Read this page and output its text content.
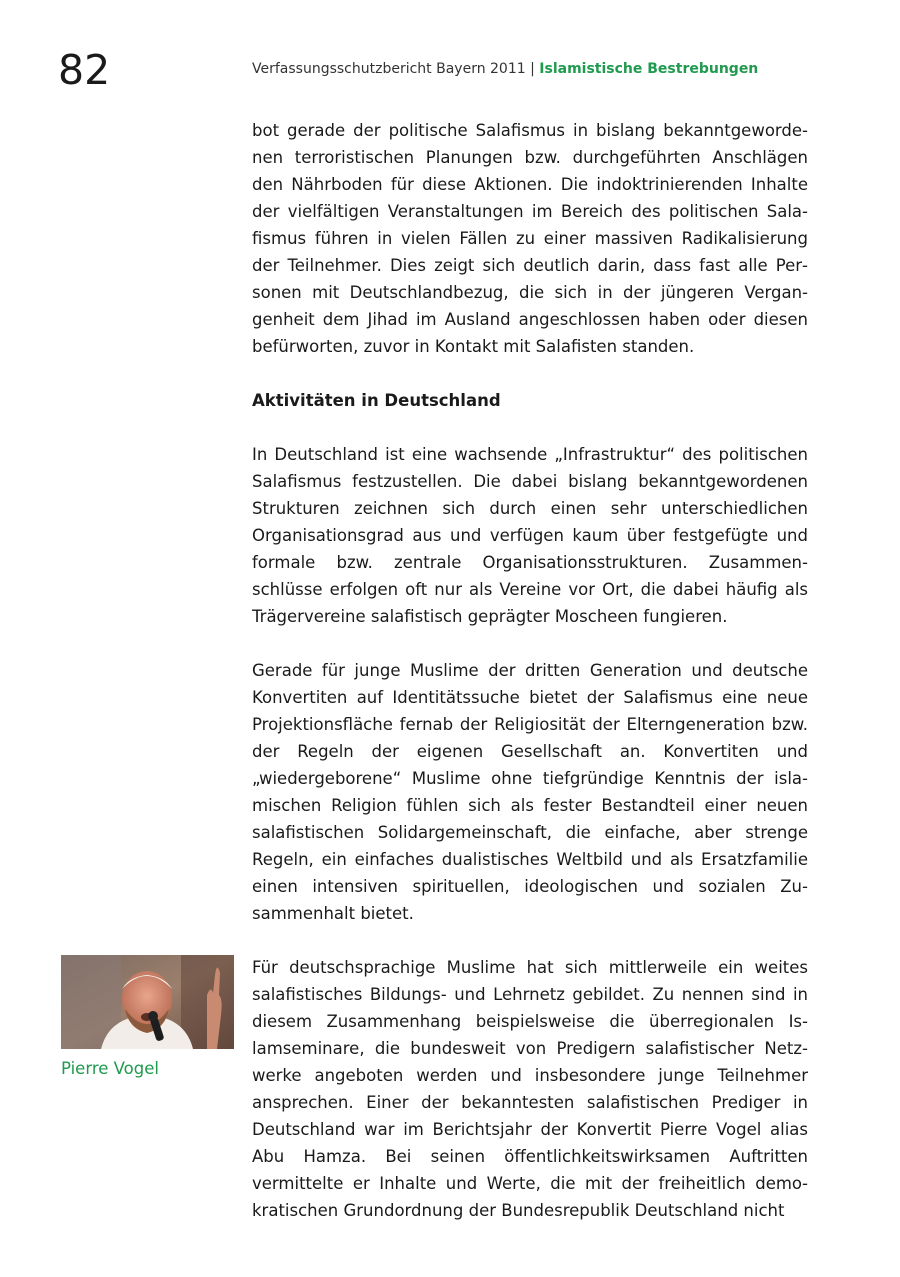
82	Verfassungsschutzbericht Bayern 2011 | Islamistische Bestrebungen

bot gerade der politische Salafismus in bislang bekanntgewordenen terroristischen Planungen bzw. durchgeführten Anschlägen den Nährboden für diese Aktionen. Die indoktrinierenden Inhalte der vielfältigen Veranstaltungen im Bereich des politischen Salafismus führen in vielen Fällen zu einer massiven Radikalisierung der Teilnehmer. Dies zeigt sich deutlich darin, dass fast alle Personen mit Deutschlandbezug, die sich in der jüngeren Vergangenheit dem Jihad im Ausland angeschlossen haben oder diesen befürworten, zuvor in Kontakt mit Salafisten standen.

Aktivitäten in Deutschland

In Deutschland ist eine wachsende „Infrastruktur“ des politischen Salafismus festzustellen. Die dabei bislang bekanntgewordenen Strukturen zeichnen sich durch einen sehr unterschiedlichen Organisationsgrad aus und verfügen kaum über festgefügte und formale bzw. zentrale Organisationsstrukturen. Zusammenschlüsse erfolgen oft nur als Vereine vor Ort, die dabei häufig als Trägervereine salafistisch geprägter Moscheen fungieren.

Gerade für junge Muslime der dritten Generation und deutsche Konvertiten auf Identitätssuche bietet der Salafismus eine neue Projektionsfläche fernab der Religiosität der Elterngeneration bzw. der Regeln der eigenen Gesellschaft an. Konvertiten und „wiedergeborene“ Muslime ohne tiefgründige Kenntnis der islamischen Religion fühlen sich als fester Bestandteil einer neuen salafistischen Solidargemeinschaft, die einfache, aber strenge Regeln, ein einfaches dualistisches Weltbild und als Ersatzfamilie einen intensiven spirituellen, ideologischen und sozialen Zusammenhalt bietet.

Für deutschsprachige Muslime hat sich mittlerweile ein weites salafistisches Bildungs- und Lehrnetz gebildet. Zu nennen sind in diesem Zusammenhang beispielsweise die überregionalen Islamseminare, die bundesweit von Predigern salafistischer Netzwerke angeboten werden und insbesondere junge Teilnehmer ansprechen. Einer der bekanntesten salafistischen Prediger in Deutschland war im Berichtsjahr der Konvertit Pierre Vogel alias Abu Hamza. Bei seinen öffentlichkeitswirksamen Auftritten vermittelte er Inhalte und Werte, die mit der freiheitlich demokratischen Grundordnung der Bundesrepublik Deutschland nicht

Pierre Vogel
